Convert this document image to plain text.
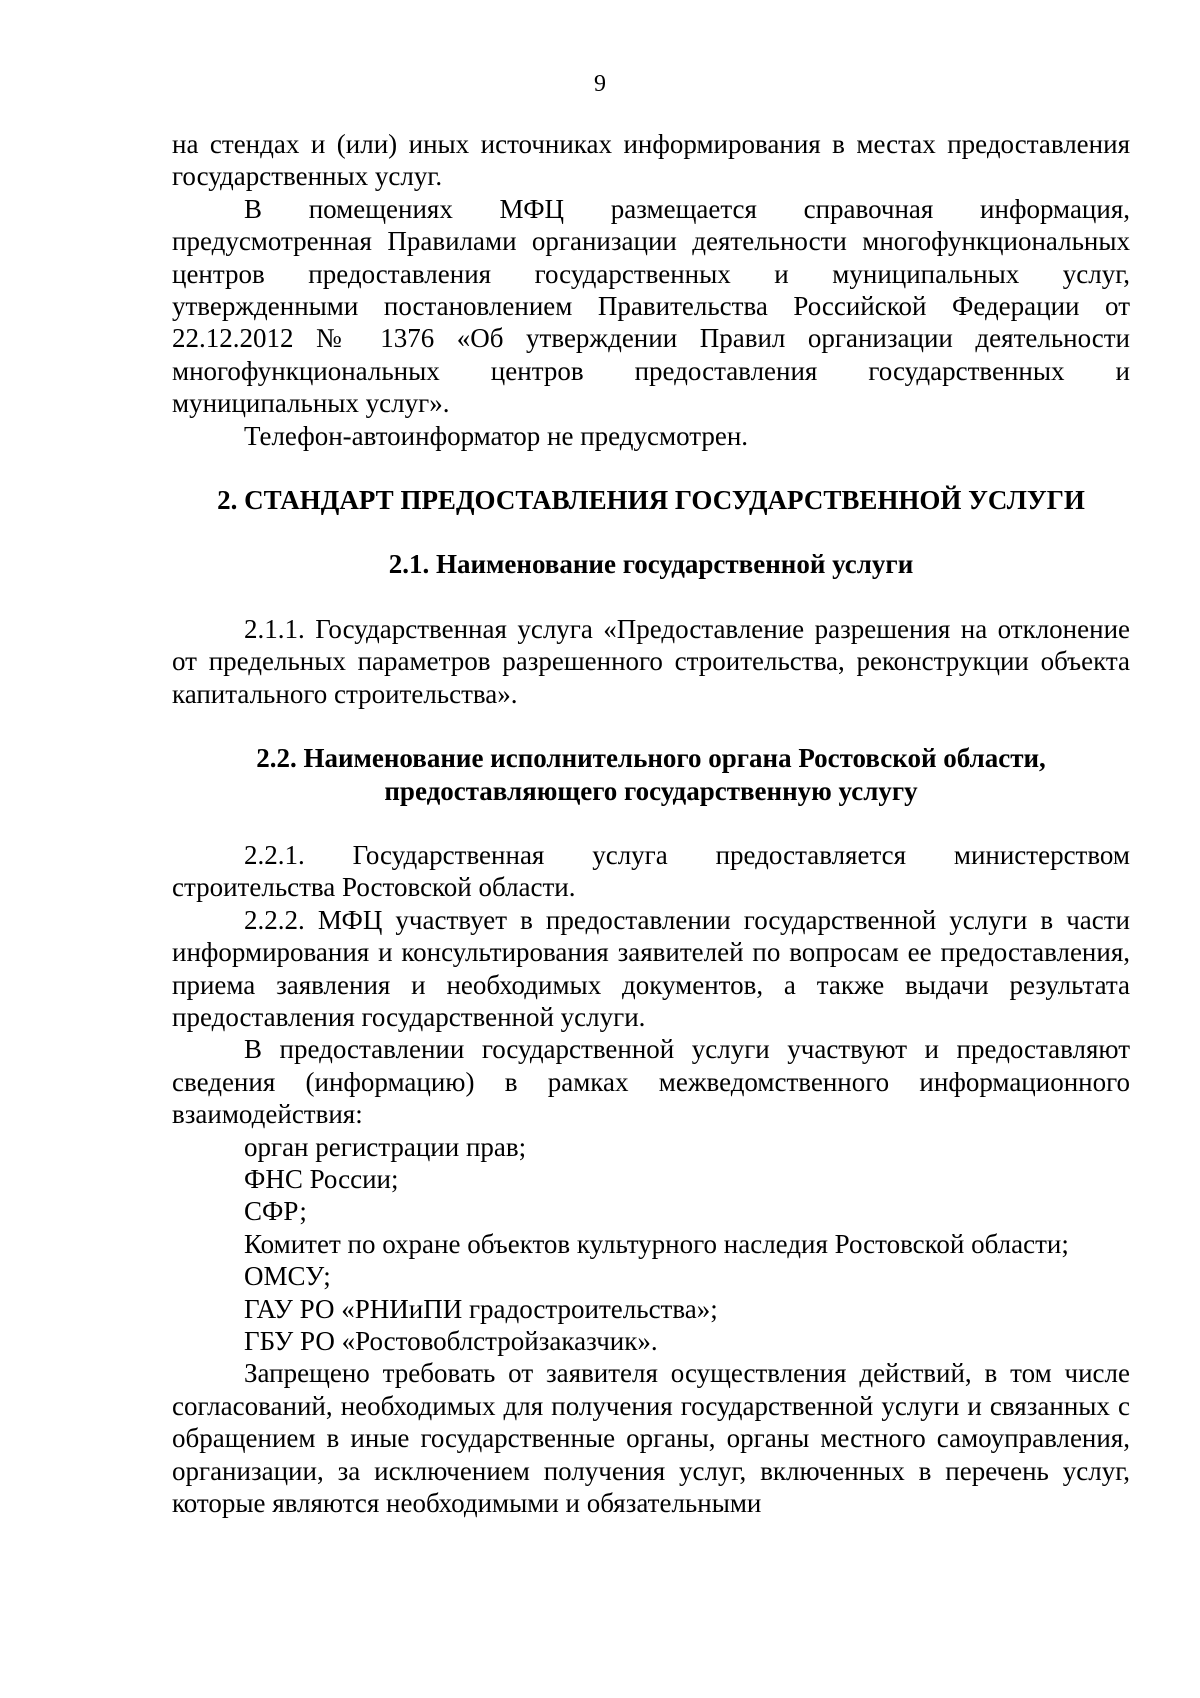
9

на стендах и (или) иных источниках информирования в местах предоставления государственных услуг.

В помещениях МФЦ размещается справочная информация, предусмотренная Правилами организации деятельности многофункциональных центров предоставления государственных и муниципальных услуг, утвержденными постановлением Правительства Российской Федерации от 22.12.2012 № 1376 «Об утверждении Правил организации деятельности многофункциональных центров предоставления государственных и муниципальных услуг».

Телефон-автоинформатор не предусмотрен.

2. СТАНДАРТ ПРЕДОСТАВЛЕНИЯ ГОСУДАРСТВЕННОЙ УСЛУГИ
2.1. Наименование государственной услуги

2.1.1. Государственная услуга «Предоставление разрешения на отклонение от предельных параметров разрешенного строительства, реконструкции объекта капитального строительства».

2.2. Наименование исполнительного органа Ростовской области,
предоставляющего государственную услугу

2.2.1. Государственная услуга предоставляется министерством строительства Ростовской области.

2.2.2. МФЦ участвует в предоставлении государственной услуги в части информирования и консультирования заявителей по вопросам ее предоставления, приема заявления и необходимых документов, а также выдачи результата предоставления государственной услуги.

В предоставлении государственной услуги участвуют и предоставляют сведения (информацию) в рамках межведомственного информационного взаимодействия:

орган регистрации прав;

ФНС России;

СФР;

Комитет по охране объектов культурного наследия Ростовской области;

ОМСУ;

ГАУ РО «РНИиПИ градостроительства»;

ГБУ РО «Ростовоблстройзаказчик».

Запрещено требовать от заявителя осуществления действий, в том числе согласований, необходимых для получения государственной услуги и связанных с обращением в иные государственные органы, органы местного самоуправления, организации, за исключением получения услуг, включенных в перечень услуг, которые являются необходимыми и обязательными
